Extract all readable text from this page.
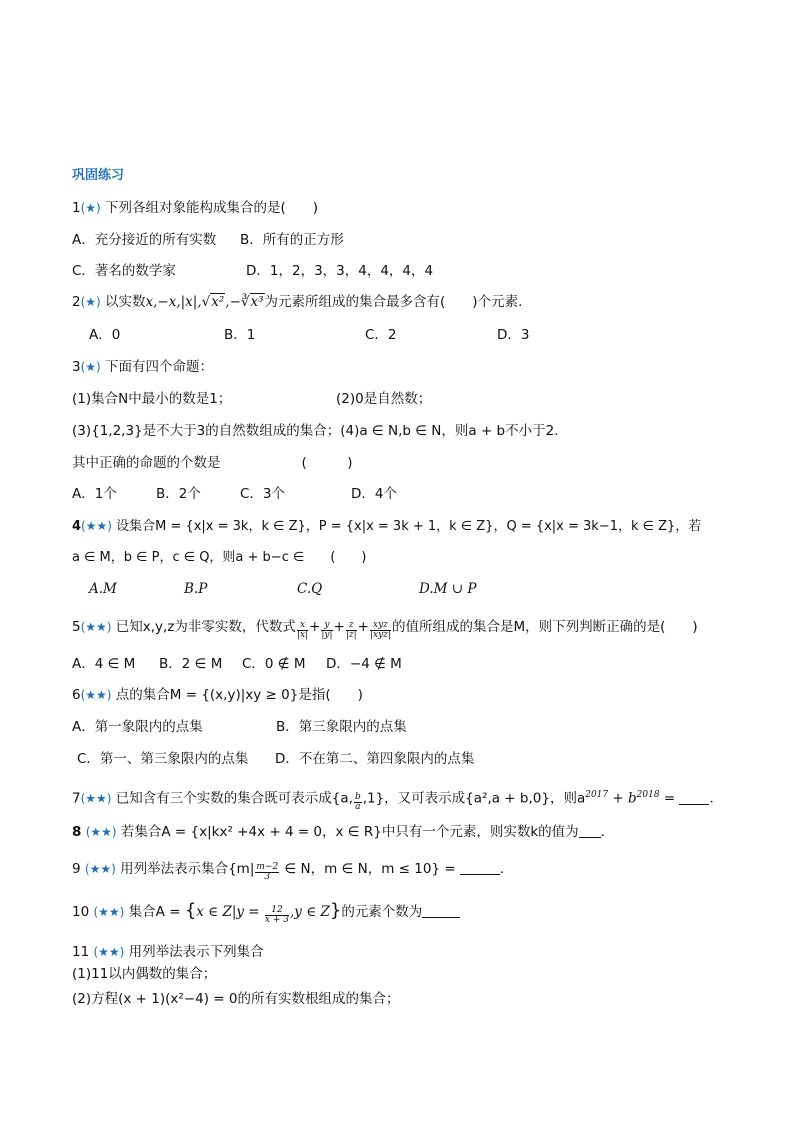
巩固练习
1(★) 下列各组对象能构成集合的是(　　)
A．充分接近的所有实数 B．所有的正方形
C．著名的数学家	D．1，2，3，3，4，4，4，4
2(★) 以实数x,−x,|x|,√x²,−∛x³为元素所组成的集合最多含有(　　)个元素．
A．0	B．1	C．2	D．3
3(★) 下面有四个命题：
(1)集合N中最小的数是1；	(2)0是自然数；
(3){1,2,3}是不大于3的自然数组成的集合；(4)a ∈ N,b ∈ N，则a + b不小于2.
其中正确的命题的个数是　　　　　　(　　　)
A．1个	B．2个	C．3个	D．4个
4(★★) 设集合M = {x|x = 3k，k ∈ Z}，P = {x|x = 3k + 1，k ∈ Z}，Q = {x|x = 3k−1，k ∈ Z}，若
a ∈ M，b ∈ P，c ∈ Q，则a + b−c ∈　　(　　)
A.M	B.P	C.Q	D.M ∪ P
5(★★) 已知x,y,z为非零实数，代数式 $\frac{x}{|x|} + \frac{y}{|y|} + \frac{z}{|z|} + \frac{\text{xyz}}{\text{|xyz|}}$ 的值所组成的集合是M，则下列判断正确的是(　　)
A．4 ∈ M B．2 ∈ M C．0 ∉ M D．−4 ∉ M
6(★★) 点的集合M = {(x,y)|xy ≥ 0}是指(　　)
A．第一象限内的点集	B．第三象限内的点集
C．第一、第三象限内的点集 D．不在第二、第四象限内的点集
7(★★) 已知含有三个实数的集合既可表示成{a, $\frac{b}{a} ,1$}，又可表示成{a²,a + b,0}，则$a^{2017} + b^{2018}$ = ．
8 (★★) 若集合A = {x|kx² +4x + 4 = 0，x ∈ R}中只有一个元素，则实数k的值为 ．
9 (★★) 用列举法表示集合{$m| \frac{m-2}{3}$ ∈ N，m ∈ N，m ≤ 10} =	．
10 (★★) 集合A = {x ∈ $Z|y = \frac{12}{x + 3} ,y$ ∈ Z}的元素个数为
11 (★★) 用列举法表示下列集合
(1)11以内偶数的集合；
(2)方程(x + 1)(x²−4) = 0的所有实数根组成的集合；
